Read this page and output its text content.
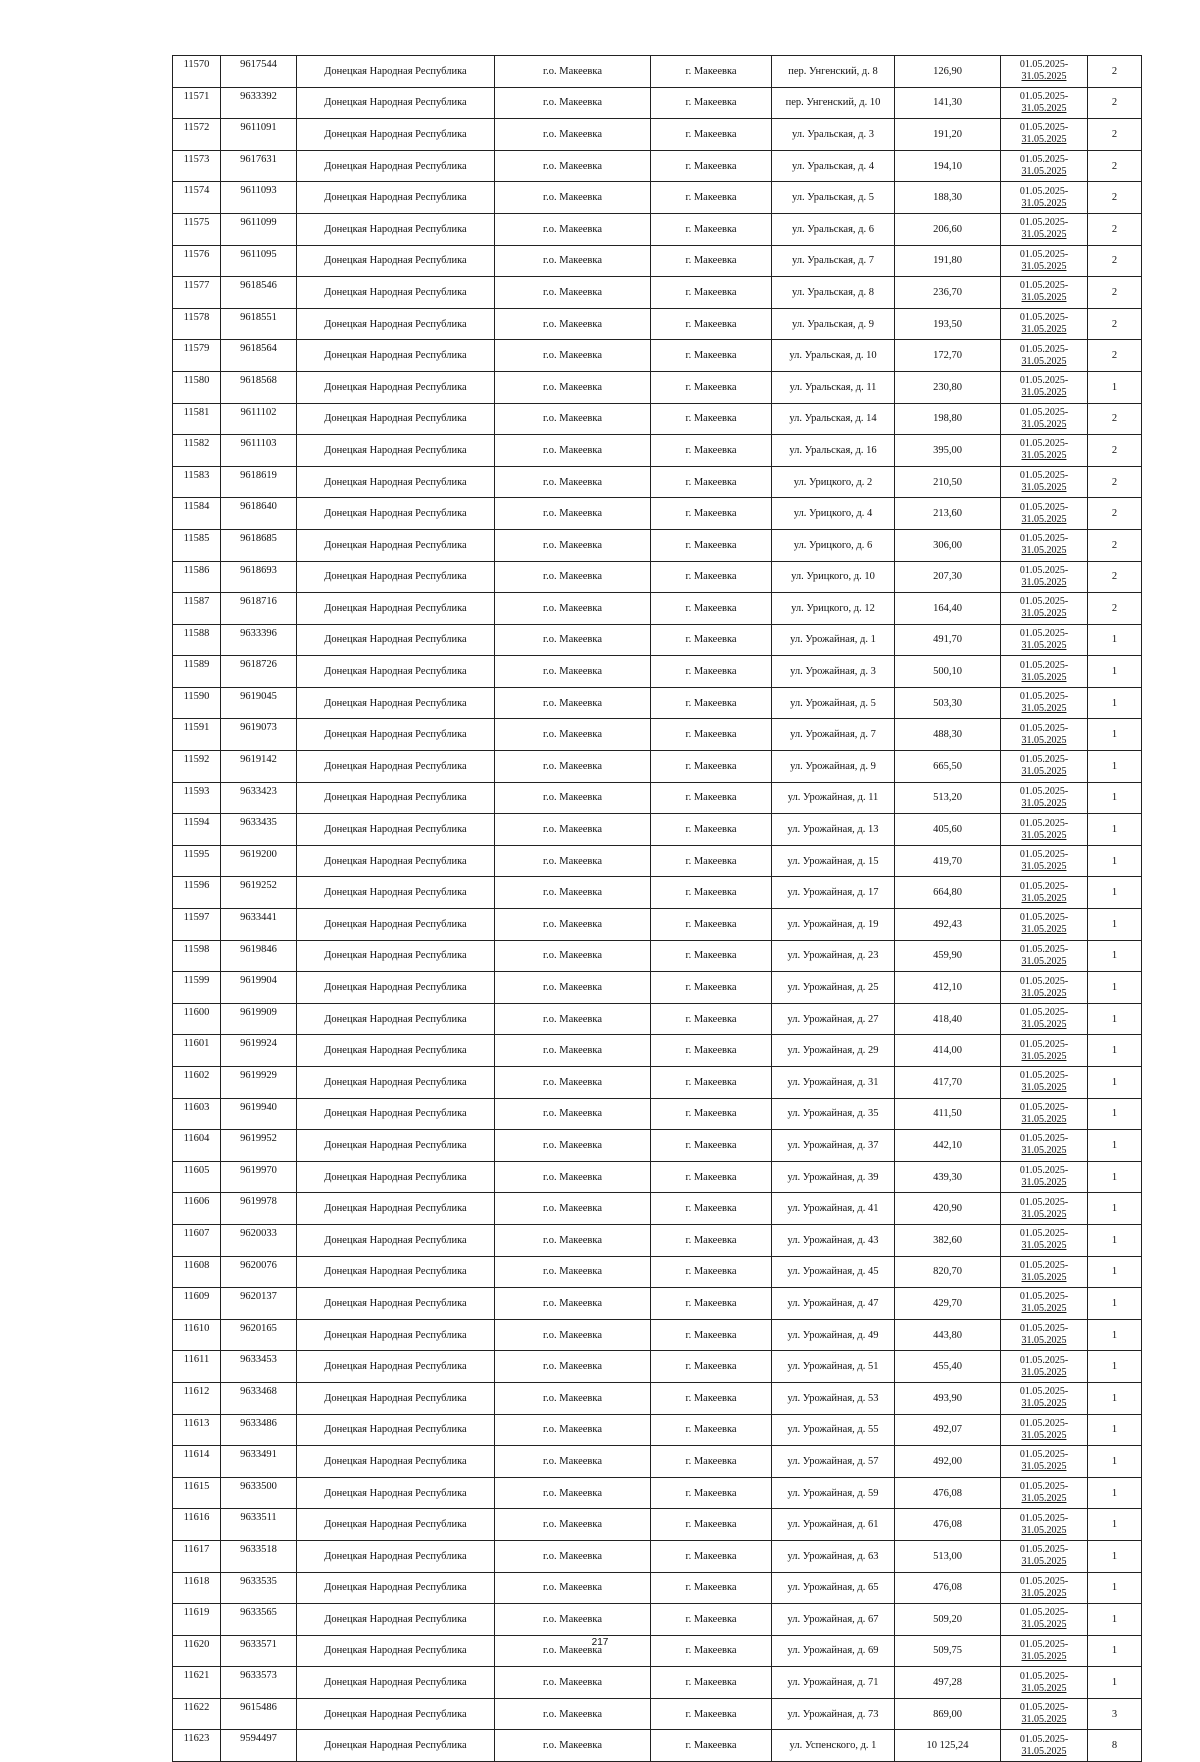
11570	9617544	Донецкая Народная Республика	г.о. Макеевка	г. Макеевка	пер. Унгенский, д. 8	126,90	01.05.2025-
31.05.2025	2
11571	9633392	Донецкая Народная Республика	г.о. Макеевка	г. Макеевка	пер. Унгенский, д. 10	141,30	01.05.2025-
31.05.2025	2
11572	9611091	Донецкая Народная Республика	г.о. Макеевка	г. Макеевка	ул. Уральская, д. 3	191,20	01.05.2025-
31.05.2025	2
11573	9617631	Донецкая Народная Республика	г.о. Макеевка	г. Макеевка	ул. Уральская, д. 4	194,10	01.05.2025-
31.05.2025	2
11574	9611093	Донецкая Народная Республика	г.о. Макеевка	г. Макеевка	ул. Уральская, д. 5	188,30	01.05.2025-
31.05.2025	2
11575	9611099	Донецкая Народная Республика	г.о. Макеевка	г. Макеевка	ул. Уральская, д. 6	206,60	01.05.2025-
31.05.2025	2
11576	9611095	Донецкая Народная Республика	г.о. Макеевка	г. Макеевка	ул. Уральская, д. 7	191,80	01.05.2025-
31.05.2025	2
11577	9618546	Донецкая Народная Республика	г.о. Макеевка	г. Макеевка	ул. Уральская, д. 8	236,70	01.05.2025-
31.05.2025	2
11578	9618551	Донецкая Народная Республика	г.о. Макеевка	г. Макеевка	ул. Уральская, д. 9	193,50	01.05.2025-
31.05.2025	2
11579	9618564	Донецкая Народная Республика	г.о. Макеевка	г. Макеевка	ул. Уральская, д. 10	172,70	01.05.2025-
31.05.2025	2
11580	9618568	Донецкая Народная Республика	г.о. Макеевка	г. Макеевка	ул. Уральская, д. 11	230,80	01.05.2025-
31.05.2025	1
11581	9611102	Донецкая Народная Республика	г.о. Макеевка	г. Макеевка	ул. Уральская, д. 14	198,80	01.05.2025-
31.05.2025	2
11582	9611103	Донецкая Народная Республика	г.о. Макеевка	г. Макеевка	ул. Уральская, д. 16	395,00	01.05.2025-
31.05.2025	2
11583	9618619	Донецкая Народная Республика	г.о. Макеевка	г. Макеевка	ул. Урицкого, д. 2	210,50	01.05.2025-
31.05.2025	2
11584	9618640	Донецкая Народная Республика	г.о. Макеевка	г. Макеевка	ул. Урицкого, д. 4	213,60	01.05.2025-
31.05.2025	2
11585	9618685	Донецкая Народная Республика	г.о. Макеевка	г. Макеевка	ул. Урицкого, д. 6	306,00	01.05.2025-
31.05.2025	2
11586	9618693	Донецкая Народная Республика	г.о. Макеевка	г. Макеевка	ул. Урицкого, д. 10	207,30	01.05.2025-
31.05.2025	2
11587	9618716	Донецкая Народная Республика	г.о. Макеевка	г. Макеевка	ул. Урицкого, д. 12	164,40	01.05.2025-
31.05.2025	2
11588	9633396	Донецкая Народная Республика	г.о. Макеевка	г. Макеевка	ул. Урожайная, д. 1	491,70	01.05.2025-
31.05.2025	1
11589	9618726	Донецкая Народная Республика	г.о. Макеевка	г. Макеевка	ул. Урожайная, д. 3	500,10	01.05.2025-
31.05.2025	1
11590	9619045	Донецкая Народная Республика	г.о. Макеевка	г. Макеевка	ул. Урожайная, д. 5	503,30	01.05.2025-
31.05.2025	1
11591	9619073	Донецкая Народная Республика	г.о. Макеевка	г. Макеевка	ул. Урожайная, д. 7	488,30	01.05.2025-
31.05.2025	1
11592	9619142	Донецкая Народная Республика	г.о. Макеевка	г. Макеевка	ул. Урожайная, д. 9	665,50	01.05.2025-
31.05.2025	1
11593	9633423	Донецкая Народная Республика	г.о. Макеевка	г. Макеевка	ул. Урожайная, д. 11	513,20	01.05.2025-
31.05.2025	1
11594	9633435	Донецкая Народная Республика	г.о. Макеевка	г. Макеевка	ул. Урожайная, д. 13	405,60	01.05.2025-
31.05.2025	1
11595	9619200	Донецкая Народная Республика	г.о. Макеевка	г. Макеевка	ул. Урожайная, д. 15	419,70	01.05.2025-
31.05.2025	1
11596	9619252	Донецкая Народная Республика	г.о. Макеевка	г. Макеевка	ул. Урожайная, д. 17	664,80	01.05.2025-
31.05.2025	1
11597	9633441	Донецкая Народная Республика	г.о. Макеевка	г. Макеевка	ул. Урожайная, д. 19	492,43	01.05.2025-
31.05.2025	1
11598	9619846	Донецкая Народная Республика	г.о. Макеевка	г. Макеевка	ул. Урожайная, д. 23	459,90	01.05.2025-
31.05.2025	1
11599	9619904	Донецкая Народная Республика	г.о. Макеевка	г. Макеевка	ул. Урожайная, д. 25	412,10	01.05.2025-
31.05.2025	1
11600	9619909	Донецкая Народная Республика	г.о. Макеевка	г. Макеевка	ул. Урожайная, д. 27	418,40	01.05.2025-
31.05.2025	1
11601	9619924	Донецкая Народная Республика	г.о. Макеевка	г. Макеевка	ул. Урожайная, д. 29	414,00	01.05.2025-
31.05.2025	1
11602	9619929	Донецкая Народная Республика	г.о. Макеевка	г. Макеевка	ул. Урожайная, д. 31	417,70	01.05.2025-
31.05.2025	1
11603	9619940	Донецкая Народная Республика	г.о. Макеевка	г. Макеевка	ул. Урожайная, д. 35	411,50	01.05.2025-
31.05.2025	1
11604	9619952	Донецкая Народная Республика	г.о. Макеевка	г. Макеевка	ул. Урожайная, д. 37	442,10	01.05.2025-
31.05.2025	1
11605	9619970	Донецкая Народная Республика	г.о. Макеевка	г. Макеевка	ул. Урожайная, д. 39	439,30	01.05.2025-
31.05.2025	1
11606	9619978	Донецкая Народная Республика	г.о. Макеевка	г. Макеевка	ул. Урожайная, д. 41	420,90	01.05.2025-
31.05.2025	1
11607	9620033	Донецкая Народная Республика	г.о. Макеевка	г. Макеевка	ул. Урожайная, д. 43	382,60	01.05.2025-
31.05.2025	1
11608	9620076	Донецкая Народная Республика	г.о. Макеевка	г. Макеевка	ул. Урожайная, д. 45	820,70	01.05.2025-
31.05.2025	1
11609	9620137	Донецкая Народная Республика	г.о. Макеевка	г. Макеевка	ул. Урожайная, д. 47	429,70	01.05.2025-
31.05.2025	1
11610	9620165	Донецкая Народная Республика	г.о. Макеевка	г. Макеевка	ул. Урожайная, д. 49	443,80	01.05.2025-
31.05.2025	1
11611	9633453	Донецкая Народная Республика	г.о. Макеевка	г. Макеевка	ул. Урожайная, д. 51	455,40	01.05.2025-
31.05.2025	1
11612	9633468	Донецкая Народная Республика	г.о. Макеевка	г. Макеевка	ул. Урожайная, д. 53	493,90	01.05.2025-
31.05.2025	1
11613	9633486	Донецкая Народная Республика	г.о. Макеевка	г. Макеевка	ул. Урожайная, д. 55	492,07	01.05.2025-
31.05.2025	1
11614	9633491	Донецкая Народная Республика	г.о. Макеевка	г. Макеевка	ул. Урожайная, д. 57	492,00	01.05.2025-
31.05.2025	1
11615	9633500	Донецкая Народная Республика	г.о. Макеевка	г. Макеевка	ул. Урожайная, д. 59	476,08	01.05.2025-
31.05.2025	1
11616	9633511	Донецкая Народная Республика	г.о. Макеевка	г. Макеевка	ул. Урожайная, д. 61	476,08	01.05.2025-
31.05.2025	1
11617	9633518	Донецкая Народная Республика	г.о. Макеевка	г. Макеевка	ул. Урожайная, д. 63	513,00	01.05.2025-
31.05.2025	1
11618	9633535	Донецкая Народная Республика	г.о. Макеевка	г. Макеевка	ул. Урожайная, д. 65	476,08	01.05.2025-
31.05.2025	1
11619	9633565	Донецкая Народная Республика	г.о. Макеевка	г. Макеевка	ул. Урожайная, д. 67	509,20	01.05.2025-
31.05.2025	1
11620	9633571	Донецкая Народная Республика	г.о. Макеевка	г. Макеевка	ул. Урожайная, д. 69	509,75	01.05.2025-
31.05.2025	1
11621	9633573	Донецкая Народная Республика	г.о. Макеевка	г. Макеевка	ул. Урожайная, д. 71	497,28	01.05.2025-
31.05.2025	1
11622	9615486	Донецкая Народная Республика	г.о. Макеевка	г. Макеевка	ул. Урожайная, д. 73	869,00	01.05.2025-
31.05.2025	3
11623	9594497	Донецкая Народная Республика	г.о. Макеевка	г. Макеевка	ул. Успенского, д. 1	10 125,24	01.05.2025-
31.05.2025	8
217
